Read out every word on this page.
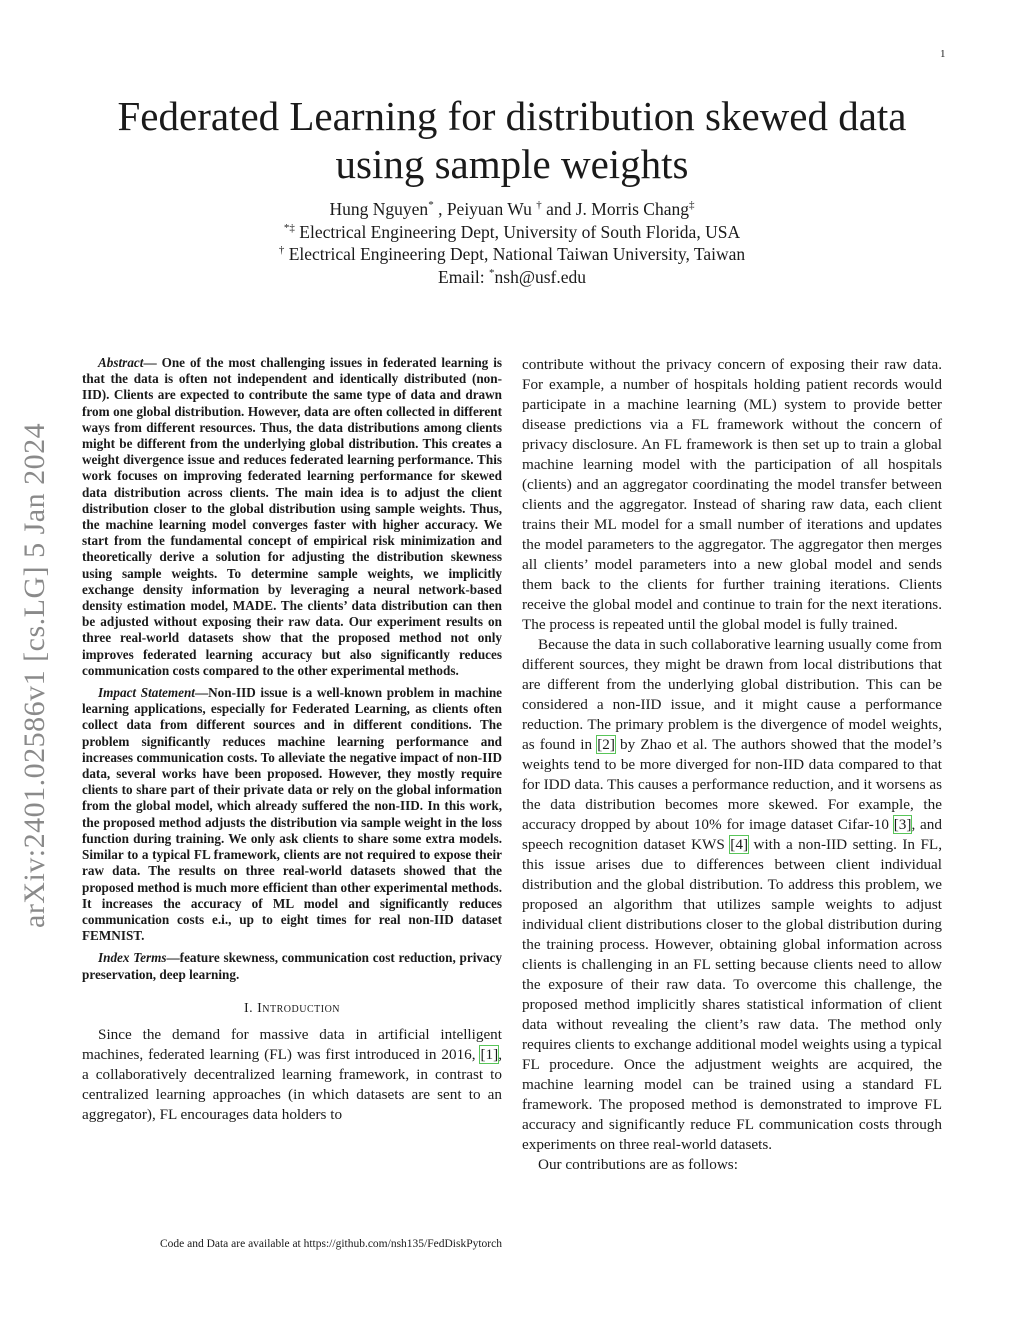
1
arXiv:2401.02586v1 [cs.LG] 5 Jan 2024
Federated Learning for distribution skewed data using sample weights
Hung Nguyen* , Peiyuan Wu † and J. Morris Chang‡
*‡ Electrical Engineering Dept, University of South Florida, USA
† Electrical Engineering Dept, National Taiwan University, Taiwan
Email: *nsh@usf.edu

Abstract— One of the most challenging issues in federated learning is that the data is often not independent and identically distributed (non-IID). Clients are expected to contribute the same type of data and drawn from one global distribution. However, data are often collected in different ways from different resources. Thus, the data distributions among clients might be different from the underlying global distribution. This creates a weight divergence issue and reduces federated learning performance. This work focuses on improving federated learning performance for skewed data distribution across clients. The main idea is to adjust the client distribution closer to the global distribution using sample weights. Thus, the machine learning model converges faster with higher accuracy. We start from the fundamental concept of empirical risk minimization and theoretically derive a solution for adjusting the distribution skewness using sample weights. To determine sample weights, we implicitly exchange density information by leveraging a neural network-based density estimation model, MADE. The clients’ data distribution can then be adjusted without exposing their raw data. Our experiment results on three real-world datasets show that the proposed method not only improves federated learning accuracy but also significantly reduces communication costs compared to the other experimental methods.

Impact Statement—Non-IID issue is a well-known problem in machine learning applications, especially for Federated Learning, as clients often collect data from different sources and in different conditions. The problem significantly reduces machine learning performance and increases communication costs. To alleviate the negative impact of non-IID data, several works have been proposed. However, they mostly require clients to share part of their private data or rely on the global information from the global model, which already suffered the non-IID. In this work, the proposed method adjusts the distribution via sample weight in the loss function during training. We only ask clients to share some extra models. Similar to a typical FL framework, clients are not required to expose their raw data. The results on three real-world datasets showed that the proposed method is much more efficient than other experimental methods. It increases the accuracy of ML model and significantly reduces communication costs e.i., up to eight times for real non-IID dataset FEMNIST.

Index Terms—feature skewness, communication cost reduction, privacy preservation, deep learning.

I. Introduction

Since the demand for massive data in artificial intelligent machines, federated learning (FL) was first introduced in 2016, [1], a collaboratively decentralized learning framework, in contrast to centralized learning approaches (in which datasets are sent to an aggregator), FL encourages data holders to

Code and Data are available at https://github.com/nsh135/FedDiskPytorch

contribute without the privacy concern of exposing their raw data. For example, a number of hospitals holding patient records would participate in a machine learning (ML) system to provide better disease predictions via a FL framework without the concern of privacy disclosure. An FL framework is then set up to train a global machine learning model with the participation of all hospitals (clients) and an aggregator coordinating the model transfer between clients and the aggregator. Instead of sharing raw data, each client trains their ML model for a small number of iterations and updates the model parameters to the aggregator. The aggregator then merges all clients’ model parameters into a new global model and sends them back to the clients for further training iterations. Clients receive the global model and continue to train for the next iterations. The process is repeated until the global model is fully trained.

Because the data in such collaborative learning usually come from different sources, they might be drawn from local distributions that are different from the underlying global distribution. This can be considered a non-IID issue, and it might cause a performance reduction. The primary problem is the divergence of model weights, as found in [2] by Zhao et al. The authors showed that the model’s weights tend to be more diverged for non-IID data compared to that for IDD data. This causes a performance reduction, and it worsens as the data distribution becomes more skewed. For example, the accuracy dropped by about 10% for image dataset Cifar-10 [3], and speech recognition dataset KWS [4] with a non-IID setting. In FL, this issue arises due to differences between client individual distribution and the global distribution. To address this problem, we proposed an algorithm that utilizes sample weights to adjust individual client distributions closer to the global distribution during the training process. However, obtaining global information across clients is challenging in an FL setting because clients need to allow the exposure of their raw data. To overcome this challenge, the proposed method implicitly shares statistical information of client data without revealing the client’s raw data. The method only requires clients to exchange additional model weights using a typical FL procedure. Once the adjustment weights are acquired, the machine learning model can be trained using a standard FL framework. The proposed method is demonstrated to improve FL accuracy and significantly reduce FL communication costs through experiments on three real-world datasets.

Our contributions are as follows:
